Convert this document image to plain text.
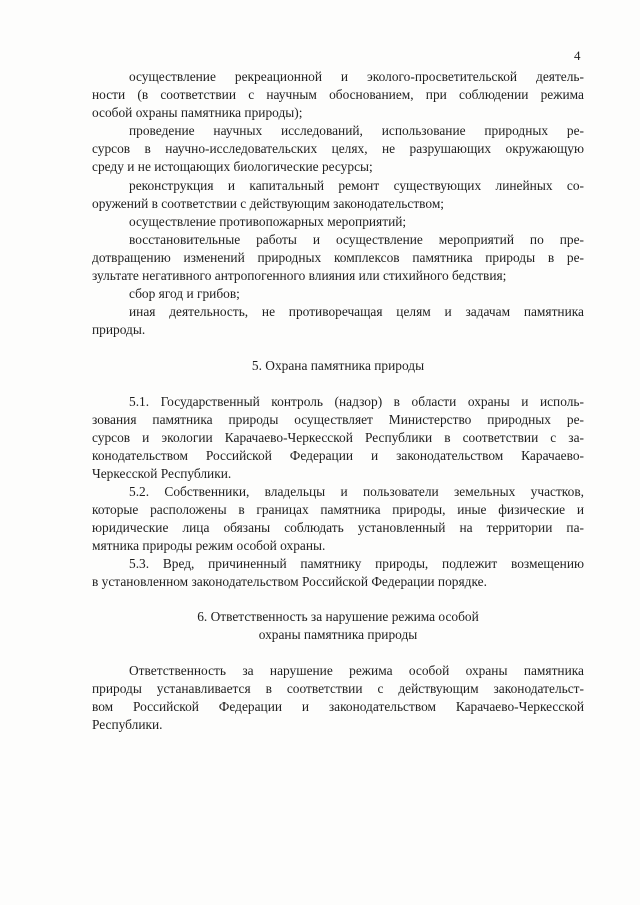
4
осуществление рекреационной и эколого-просветительской деятель-
ности (в соответствии с научным обоснованием, при соблюдении режима
особой охраны памятника природы);
проведение научных исследований, использование природных ре-
сурсов в научно-исследовательских целях, не разрушающих окружающую
среду и не истощающих биологические ресурсы;
реконструкция и капитальный ремонт существующих линейных со-
оружений в соответствии с действующим законодательством;
осуществление противопожарных мероприятий;
восстановительные работы и осуществление мероприятий по пре-
дотвращению изменений природных комплексов памятника природы в ре-
зультате негативного антропогенного влияния или стихийного бедствия;
сбор ягод и грибов;
иная деятельность, не противоречащая целям и задачам памятника
природы.
5. Охрана памятника природы
5.1. Государственный контроль (надзор) в области охраны и исполь-
зования памятника природы осуществляет Министерство природных ре-
сурсов и экологии Карачаево-Черкесской Республики в соответствии с за-
конодательством Российской Федерации и законодательством Карачаево-
Черкесской Республики.
5.2. Собственники, владельцы и пользователи земельных участков,
которые расположены в границах памятника природы, иные физические и
юридические лица обязаны соблюдать установленный на территории па-
мятника природы режим особой охраны.
5.3. Вред, причиненный памятнику природы, подлежит возмещению
в установленном законодательством Российской Федерации порядке.
6. Ответственность за нарушение режима особой
охраны памятника природы
Ответственность за нарушение режима особой охраны памятника
природы устанавливается в соответствии с действующим законодательст-
вом Российской Федерации и законодательством Карачаево-Черкесской
Республики.
